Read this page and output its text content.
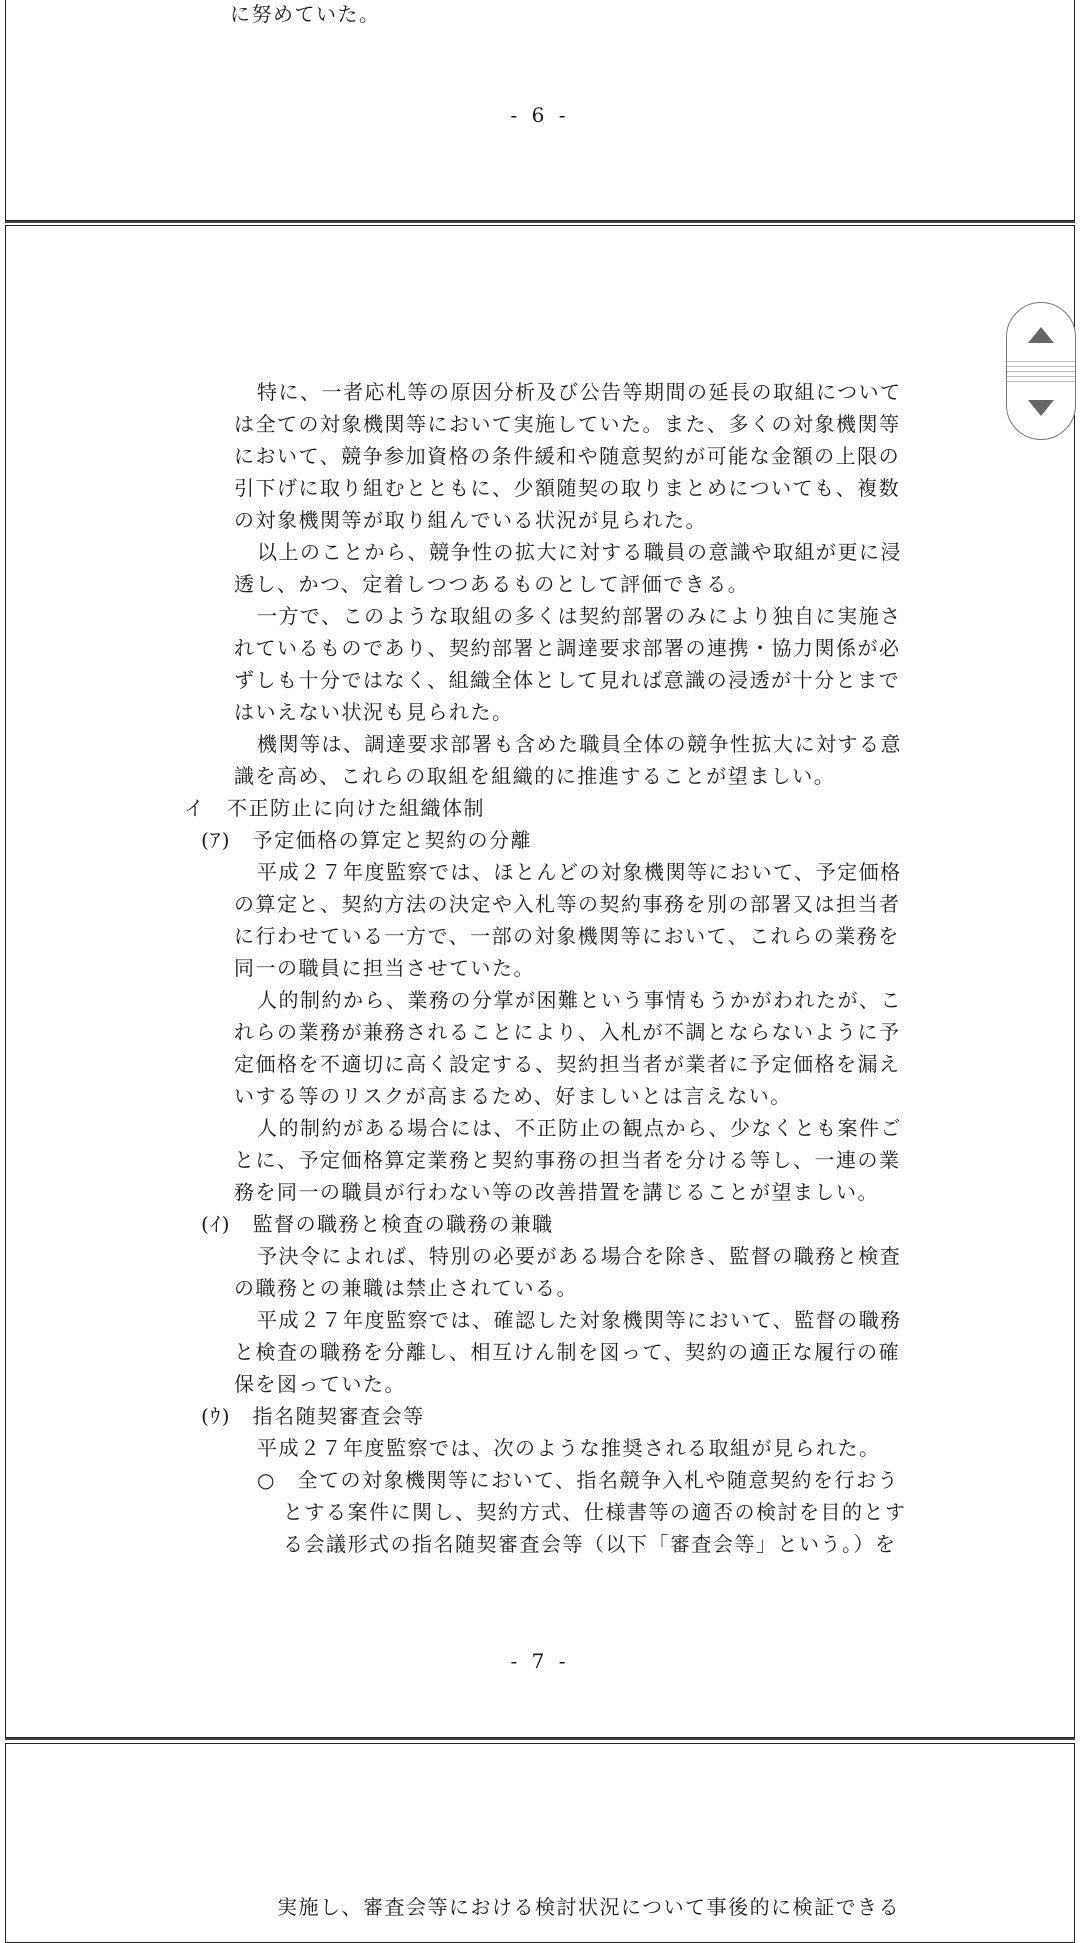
に努めていた。
- 6 -
特に、一者応札等の原因分析及び公告等期間の延長の取組について
は全ての対象機関等において実施していた。また、多くの対象機関等
において、競争参加資格の条件緩和や随意契約が可能な金額の上限の
引下げに取り組むとともに、少額随契の取りまとめについても、複数
の対象機関等が取り組んでいる状況が見られた。
以上のことから、競争性の拡大に対する職員の意識や取組が更に浸
透し、かつ、定着しつつあるものとして評価できる。
一方で、このような取組の多くは契約部署のみにより独自に実施さ
れているものであり、契約部署と調達要求部署の連携・協力関係が必
ずしも十分ではなく、組織全体として見れば意識の浸透が十分とまで
はいえない状況も見られた。
機関等は、調達要求部署も含めた職員全体の競争性拡大に対する意
識を高め、これらの取組を組織的に推進することが望ましい。
イ　不正防止に向けた組織体制
(ｱ)　予定価格の算定と契約の分離
平成２７年度監察では、ほとんどの対象機関等において、予定価格
の算定と、契約方法の決定や入札等の契約事務を別の部署又は担当者
に行わせている一方で、一部の対象機関等において、これらの業務を
同一の職員に担当させていた。
人的制約から、業務の分掌が困難という事情もうかがわれたが、こ
れらの業務が兼務されることにより、入札が不調とならないように予
定価格を不適切に高く設定する、契約担当者が業者に予定価格を漏え
いする等のリスクが高まるため、好ましいとは言えない。
人的制約がある場合には、不正防止の観点から、少なくとも案件ご
とに、予定価格算定業務と契約事務の担当者を分ける等し、一連の業
務を同一の職員が行わない等の改善措置を講じることが望ましい。
(ｲ)　監督の職務と検査の職務の兼職
予決令によれば、特別の必要がある場合を除き、監督の職務と検査
の職務との兼職は禁止されている。
平成２７年度監察では、確認した対象機関等において、監督の職務
と検査の職務を分離し、相互けん制を図って、契約の適正な履行の確
保を図っていた。
(ｳ)　指名随契審査会等
平成２７年度監察では、次のような推奨される取組が見られた。
○　全ての対象機関等において、指名競争入札や随意契約を行おう
とする案件に関し、契約方式、仕様書等の適否の検討を目的とす
る会議形式の指名随契審査会等（以下「審査会等」という。）を
- 7 -
実施し、審査会等における検討状況について事後的に検証できる
